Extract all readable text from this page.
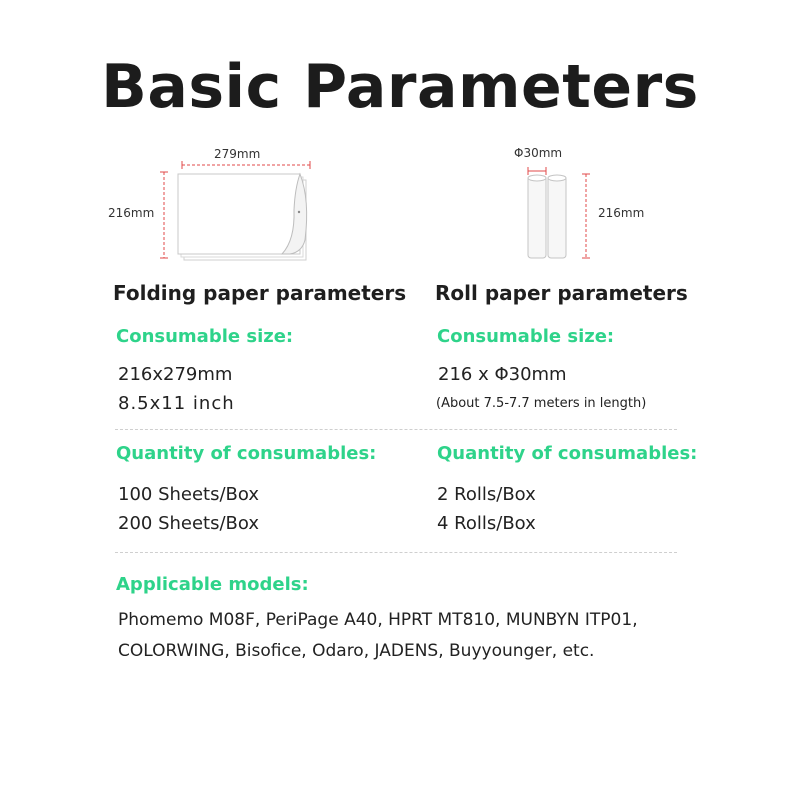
Basic Parameters
279mm
216mm
Φ30mm
216mm
Folding paper parameters Roll paper parameters
Consumable size:	Consumable size:
216x279mm
8.5x11 inch
216 x Φ30mm
(About 7.5-7.7 meters in length)
Quantity of consumables:	Quantity of consumables:
100 Sheets/Box
200 Sheets/Box
2 Rolls/Box
4 Rolls/Box
Applicable models:
Phomemo M08F, PeriPage A40, HPRT MT810, MUNBYN ITP01,
COLORWING, Bisofice, Odaro, JADENS, Buyyounger, etc.
